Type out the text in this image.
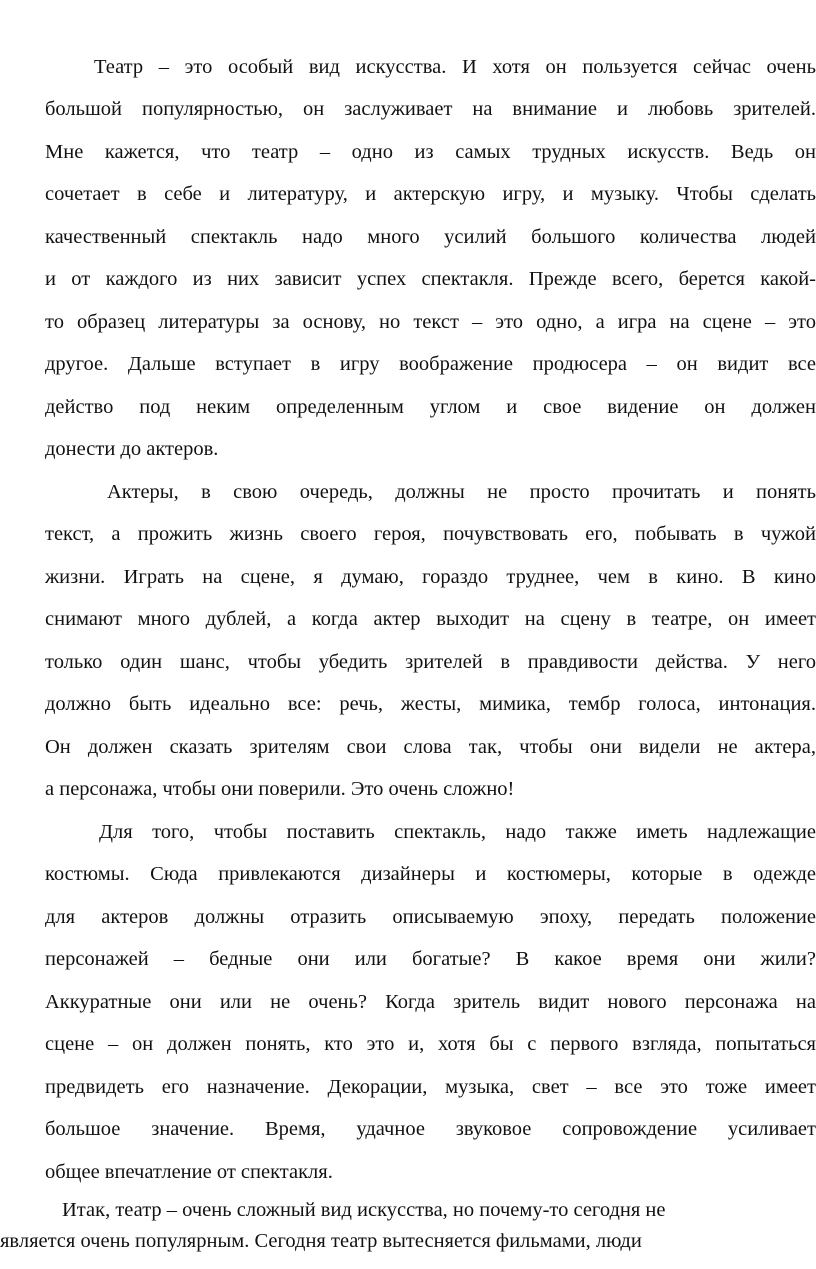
Театр – это особый вид искусства. И хотя он пользуется сейчас очень
большой популярностью, он заслуживает на внимание и любовь зрителей.
Мне кажется, что театр – одно из самых трудных искусств. Ведь он
сочетает в себе и литературу, и актерскую игру, и музыку. Чтобы сделать
качественный спектакль надо много усилий большого количества людей
и от каждого из них зависит успех спектакля. Прежде всего, берется какой-
то образец литературы за основу, но текст – это одно, а игра на сцене – это
другое. Дальше вступает в игру воображение продюсера – он видит все
действо под неким определенным углом и свое видение он должен
донести до актеров.
Актеры, в свою очередь, должны не просто прочитать и понять
текст, а прожить жизнь своего героя, почувствовать его, побывать в чужой
жизни. Играть на сцене, я думаю, гораздо труднее, чем в кино. В кино
снимают много дублей, а когда актер выходит на сцену в театре, он имеет
только один шанс, чтобы убедить зрителей в правдивости действа. У него
должно быть идеально все: речь, жесты, мимика, тембр голоса, интонация.
Он должен сказать зрителям свои слова так, чтобы они видели не актера,
а персонажа, чтобы они поверили. Это очень сложно!
Для того, чтобы поставить спектакль, надо также иметь надлежащие
костюмы. Сюда привлекаются дизайнеры и костюмеры, которые в одежде
для актеров должны отразить описываемую эпоху, передать положение
персонажей – бедные они или богатые? В какое время они жили?
Аккуратные они или не очень? Когда зритель видит нового персонажа на
сцене – он должен понять, кто это и, хотя бы с первого взгляда, попытаться
предвидеть его назначение. Декорации, музыка, свет – все это тоже имеет
большое значение. Время, удачное звуковое сопровождение усиливает
общее впечатление от спектакля.
Итак, театр – очень сложный вид искусства, но почему-то сегодня не
является очень популярным. Сегодня театр вытесняется фильмами, люди
